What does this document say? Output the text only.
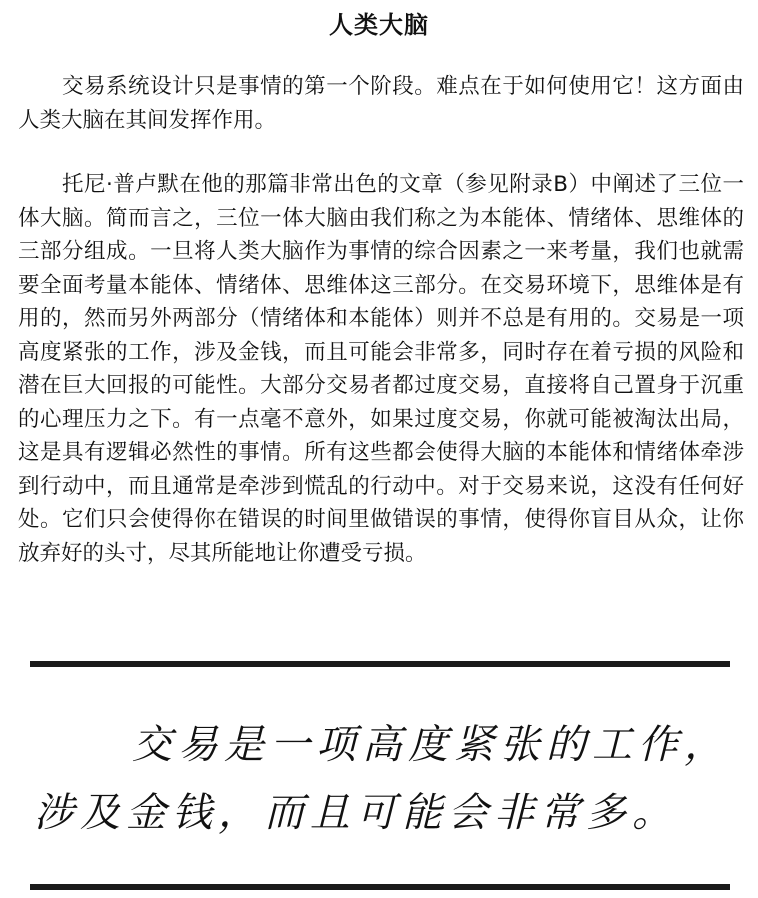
人类大脑

交易系统设计只是事情的第一个阶段。难点在于如何使用它！这方面由人类大脑在其间发挥作用。

托尼·普卢默在他的那篇非常出色的文章（参见附录B）中阐述了三位一体大脑。简而言之，三位一体大脑由我们称之为本能体、情绪体、思维体的三部分组成。一旦将人类大脑作为事情的综合因素之一来考量，我们也就需要全面考量本能体、情绪体、思维体这三部分。在交易环境下，思维体是有用的，然而另外两部分（情绪体和本能体）则并不总是有用的。交易是一项高度紧张的工作，涉及金钱，而且可能会非常多，同时存在着亏损的风险和潜在巨大回报的可能性。大部分交易者都过度交易，直接将自己置身于沉重的心理压力之下。有一点毫不意外，如果过度交易，你就可能被淘汰出局，这是具有逻辑必然性的事情。所有这些都会使得大脑的本能体和情绪体牵涉到行动中，而且通常是牵涉到慌乱的行动中。对于交易来说，这没有任何好处。它们只会使得你在错误的时间里做错误的事情，使得你盲目从众，让你放弃好的头寸，尽其所能地让你遭受亏损。

交易是一项高度紧张的工作，
涉及金钱，而且可能会非常多。
